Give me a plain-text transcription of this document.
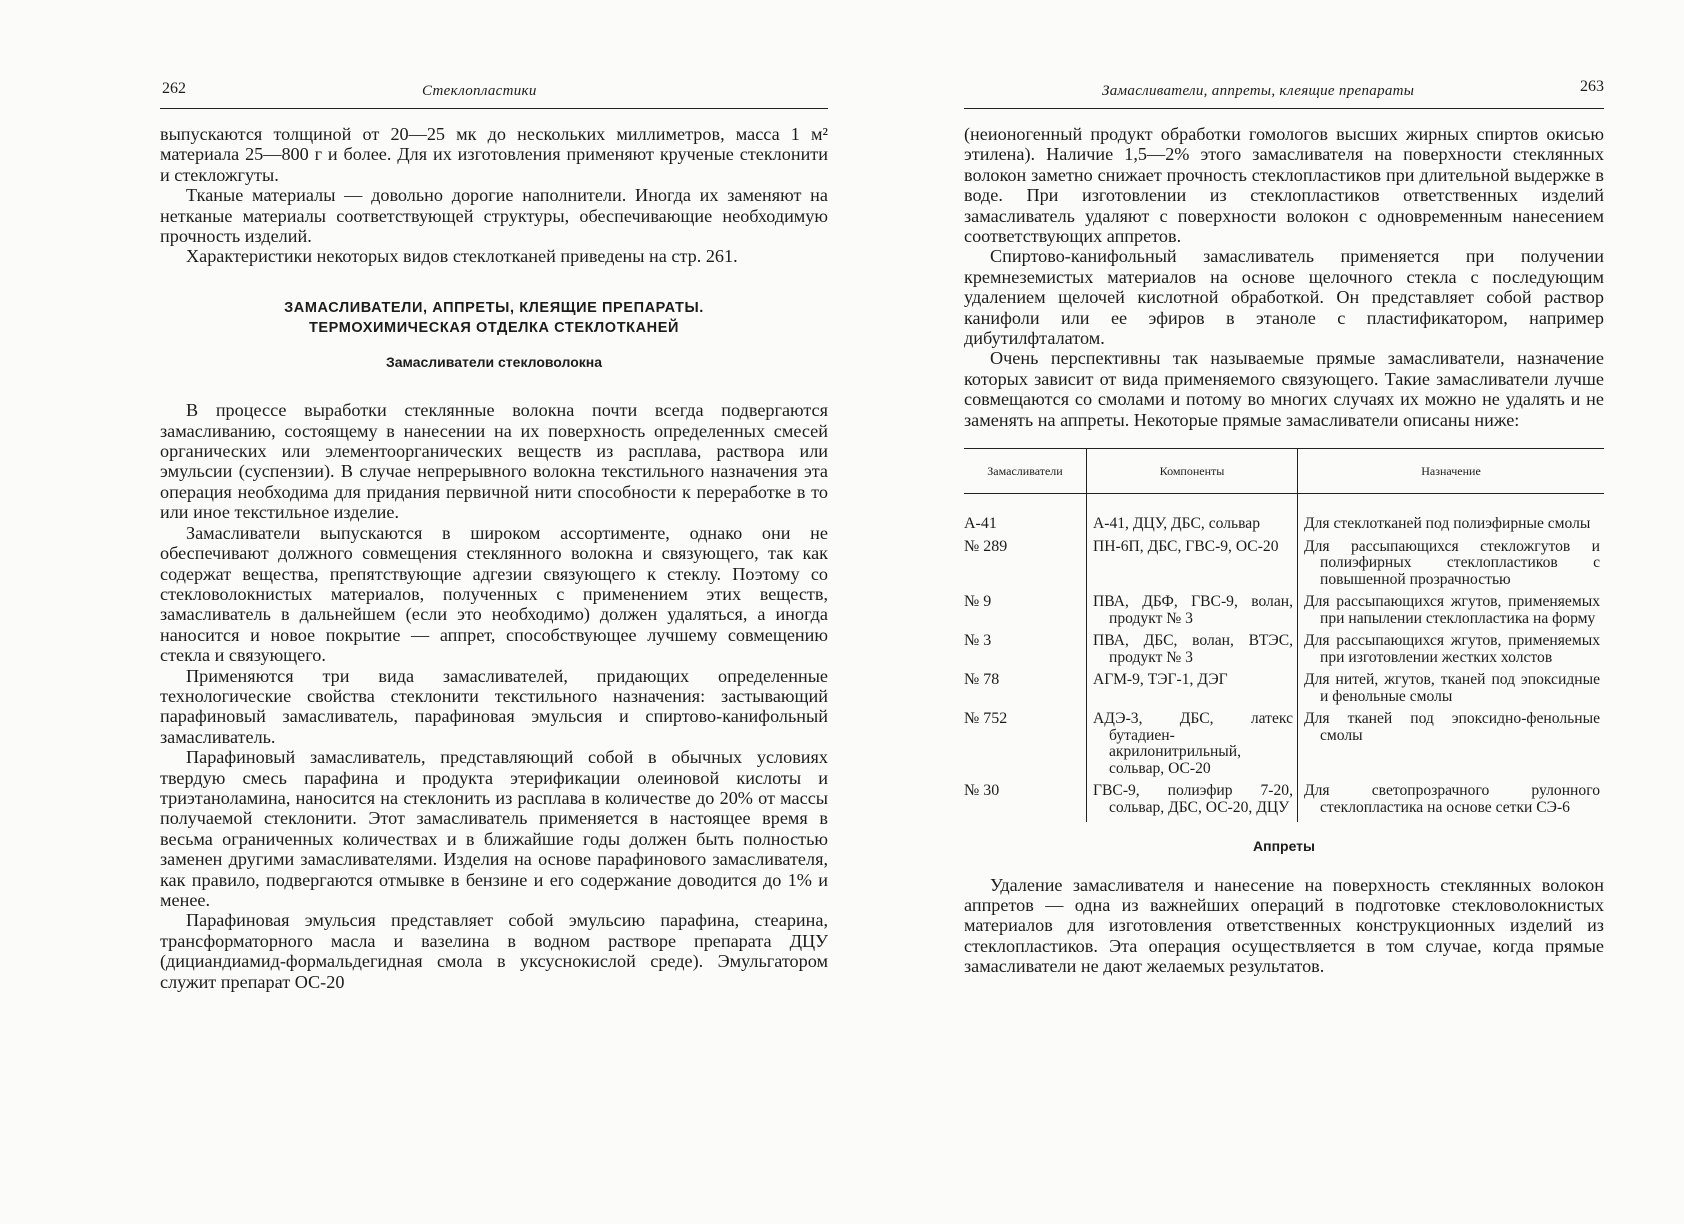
262	Стеклопластики

выпускаются толщиной от 20—25 мк до нескольких миллиметров, масса 1 м² материала 25—800 г и более. Для их изготовления применяют крученые стеклонити и стекложгуты.

Тканые материалы — довольно дорогие наполнители. Иногда их заменяют на нетканые материалы соответствующей структуры, обеспечивающие необходимую прочность изделий.

Характеристики некоторых видов стеклотканей приведены на стр. 261.

ЗАМАСЛИВАТЕЛИ, АППРЕТЫ, КЛЕЯЩИЕ ПРЕПАРАТЫ.
ТЕРМОХИМИЧЕСКАЯ ОТДЕЛКА СТЕКЛОТКАНЕЙ
Замасливатели стекловолокна

В процессе выработки стеклянные волокна почти всегда подвергаются замасливанию, состоящему в нанесении на их поверхность определенных смесей органических или элементоорганических веществ из расплава, раствора или эмульсии (суспензии). В случае непрерывного волокна текстильного назначения эта операция необходима для придания первичной нити способности к переработке в то или иное текстильное изделие.

Замасливатели выпускаются в широком ассортименте, однако они не обеспечивают должного совмещения стеклянного волокна и связующего, так как содержат вещества, препятствующие адгезии связующего к стеклу. Поэтому со стекловолокнистых материалов, полученных с применением этих веществ, замасливатель в дальнейшем (если это необходимо) должен удаляться, а иногда наносится и новое покрытие — аппрет, способствующее лучшему совмещению стекла и связующего.

Применяются три вида замасливателей, придающих определенные технологические свойства стеклонити текстильного назначения: застывающий парафиновый замасливатель, парафиновая эмульсия и спиртово-канифольный замасливатель.

Парафиновый замасливатель, представляющий собой в обычных условиях твердую смесь парафина и продукта этерификации олеиновой кислоты и триэтаноламина, наносится на стеклонить из расплава в количестве до 20% от массы получаемой стеклонити. Этот замасливатель применяется в настоящее время в весьма ограниченных количествах и в ближайшие годы должен быть полностью заменен другими замасливателями. Изделия на основе парафинового замасливателя, как правило, подвергаются отмывке в бензине и его содержание доводится до 1% и менее.

Парафиновая эмульсия представляет собой эмульсию парафина, стеарина, трансформаторного масла и вазелина в водном растворе препарата ДЦУ (дициандиамид-формальдегидная смола в уксуснокислой среде). Эмульгатором служит препарат ОС-20

Замасливатели, аппреты, клеящие препараты	263

(неионогенный продукт обработки гомологов высших жирных спиртов окисью этилена). Наличие 1,5—2% этого замасливателя на поверхности стеклянных волокон заметно снижает прочность стеклопластиков при длительной выдержке в воде. При изготовлении из стеклопластиков ответственных изделий замасливатель удаляют с поверхности волокон с одновременным нанесением соответствующих аппретов.

Спиртово-канифольный замасливатель применяется при получении кремнеземистых материалов на основе щелочного стекла с последующим удалением щелочей кислотной обработкой. Он представляет собой раствор канифоли или ее эфиров в этаноле с пластификатором, например дибутилфталатом.

Очень перспективны так называемые прямые замасливатели, назначение которых зависит от вида применяемого связующего. Такие замасливатели лучше совмещаются со смолами и потому во многих случаях их можно не удалять и не заменять на аппреты. Некоторые прямые замасливатели описаны ниже:

Замасливатели	Компоненты	Назначение
А-41	А-41, ДЦУ, ДБС, сольвар	Для стеклотканей под полиэфирные смолы

№ 289	ПН-6П, ДБС, ГВС-9, ОС-20	Для рассыпающихся стекложгутов и полиэфирных стеклопластиков с повышенной прозрачностью

№ 9	ПВА, ДБФ, ГВС-9, волан, продукт № 3	Для рассыпающихся жгутов, применяемых при напылении стеклопластика на форму

№ 3	ПВА, ДБС, волан, ВТЭС, продукт № 3	Для рассыпающихся жгутов, применяемых при изготовлении жестких холстов

№ 78	АГМ-9, ТЭГ-1, ДЭГ	Для нитей, жгутов, тканей под эпоксидные и фенольные смолы

№ 752	АДЭ-3, ДБС, латекс бутадиен-акрилонитрильный, сольвар, ОС-20	Для тканей под эпоксидно-фенольные смолы

№ 30	ГВС-9, полиэфир 7-20, сольвар, ДБС, ОС-20, ДЦУ	Для светопрозрачного рулонного стеклопластика на основе сетки СЭ-6
Аппреты

Удаление замасливателя и нанесение на поверхность стеклянных волокон аппретов — одна из важнейших операций в подготовке стекловолокнистых материалов для изготовления ответственных конструкционных изделий из стеклопластиков. Эта операция осуществляется в том случае, когда прямые замасливатели не дают желаемых результатов.
